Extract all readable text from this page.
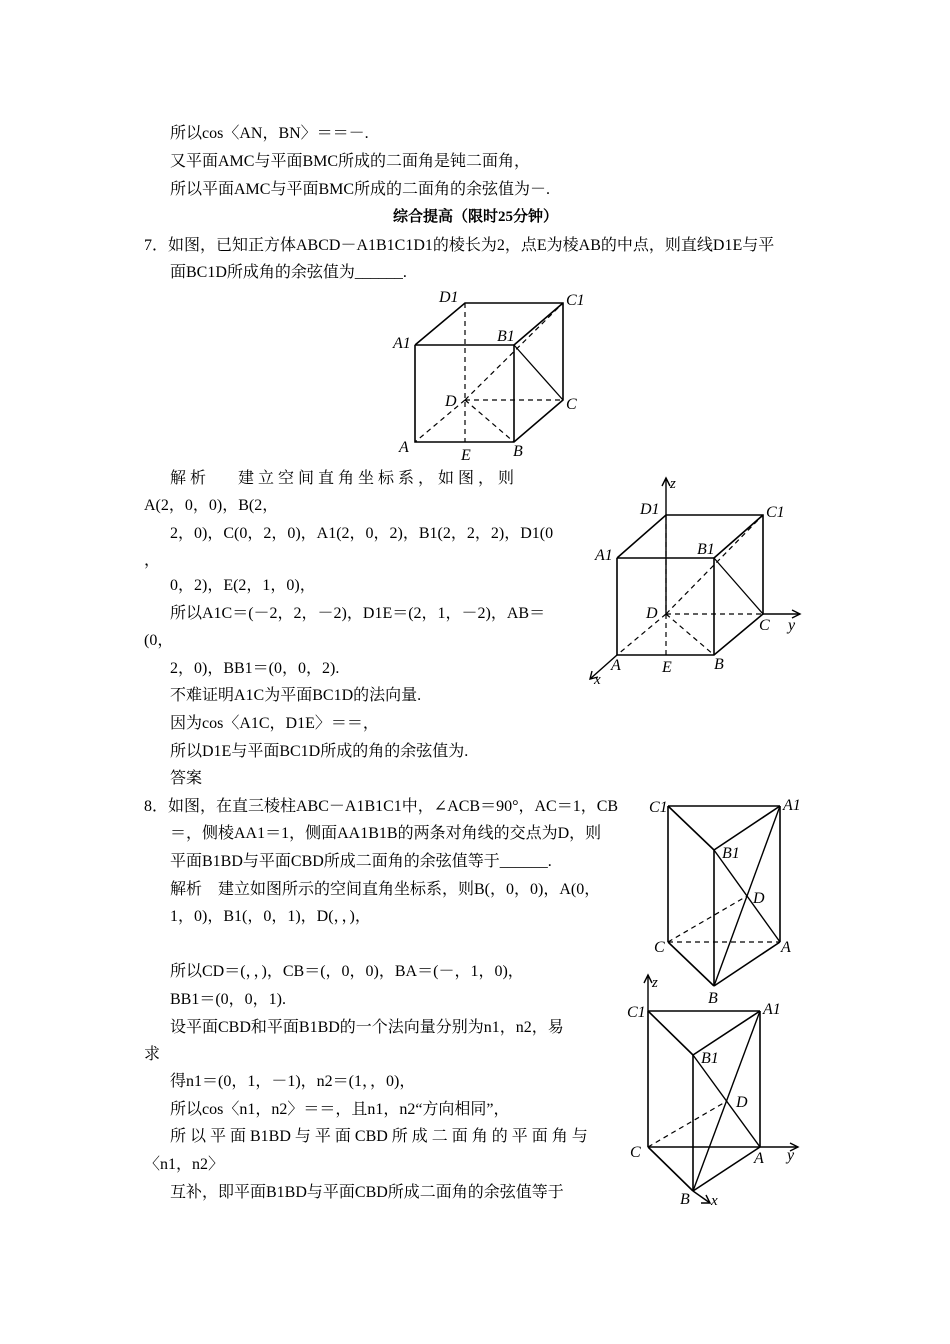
所以cos〈AN，BN〉＝＝－.
又平面AMC与平面BMC所成的二面角是钝二面角，
所以平面AMC与平面BMC所成的二面角的余弦值为－.
综合提高（限时25分钟）
7．如图，已知正方体ABCD－A1B1C1D1的棱长为2，点E为棱AB的中点，则直线D1E与平
面BC1D所成角的余弦值为______.
D1	C1
A1	B1
D	C
A	E	B
解 析　　建 立 空 间 直 角 坐 标 系 ， 如 图 ， 则
A(2，0，0)，B(2，
2，0)，C(0，2，0)，A1(2，0，2)，B1(2，2，2)，D1(0
，
0，2)，E(2，1，0)，
所以A1C＝(－2，2，－2)，D1E＝(2，1，－2)，AB＝
(0，
2，0)，BB1＝(0，0，2).
不难证明A1C为平面BC1D的法向量.
因为cos〈A1C，D1E〉＝＝，
所以D1E与平面BC1D所成的角的余弦值为.
答案
z
D1	C1
A1	B1
D
C y
A	E	B
x
8．如图，在直三棱柱ABC－A1B1C1中，∠ACB＝90°，AC＝1，CB
＝，侧棱AA1＝1，侧面AA1B1B的两条对角线的交点为D，则
平面B1BD与平面CBD所成二面角的余弦值等于______.
解析　建立如图所示的空间直角坐标系，则B(，0，0)，A(0，
1，0)，B1(，0，1)，D(，，)，
所以CD＝(，，)，CB＝(，0，0)，BA＝(－，1，0)，
BB1＝(0，0，1).
设平面CBD和平面B1BD的一个法向量分别为n1，n2，易
求
得n1＝(0，1，－1)，n2＝(1，，0)，
所以cos〈n1，n2〉＝＝，且n1，n2“方向相同”，
所 以 平 面 B1BD 与 平 面 CBD 所 成 二 面 角 的 平 面 角 与
〈n1，n2〉
互补，即平面B1BD与平面CBD所成二面角的余弦值等于
C1	A1
B1
D
C	A
B
z
C1	A1
B1
D
C	A y
B x
